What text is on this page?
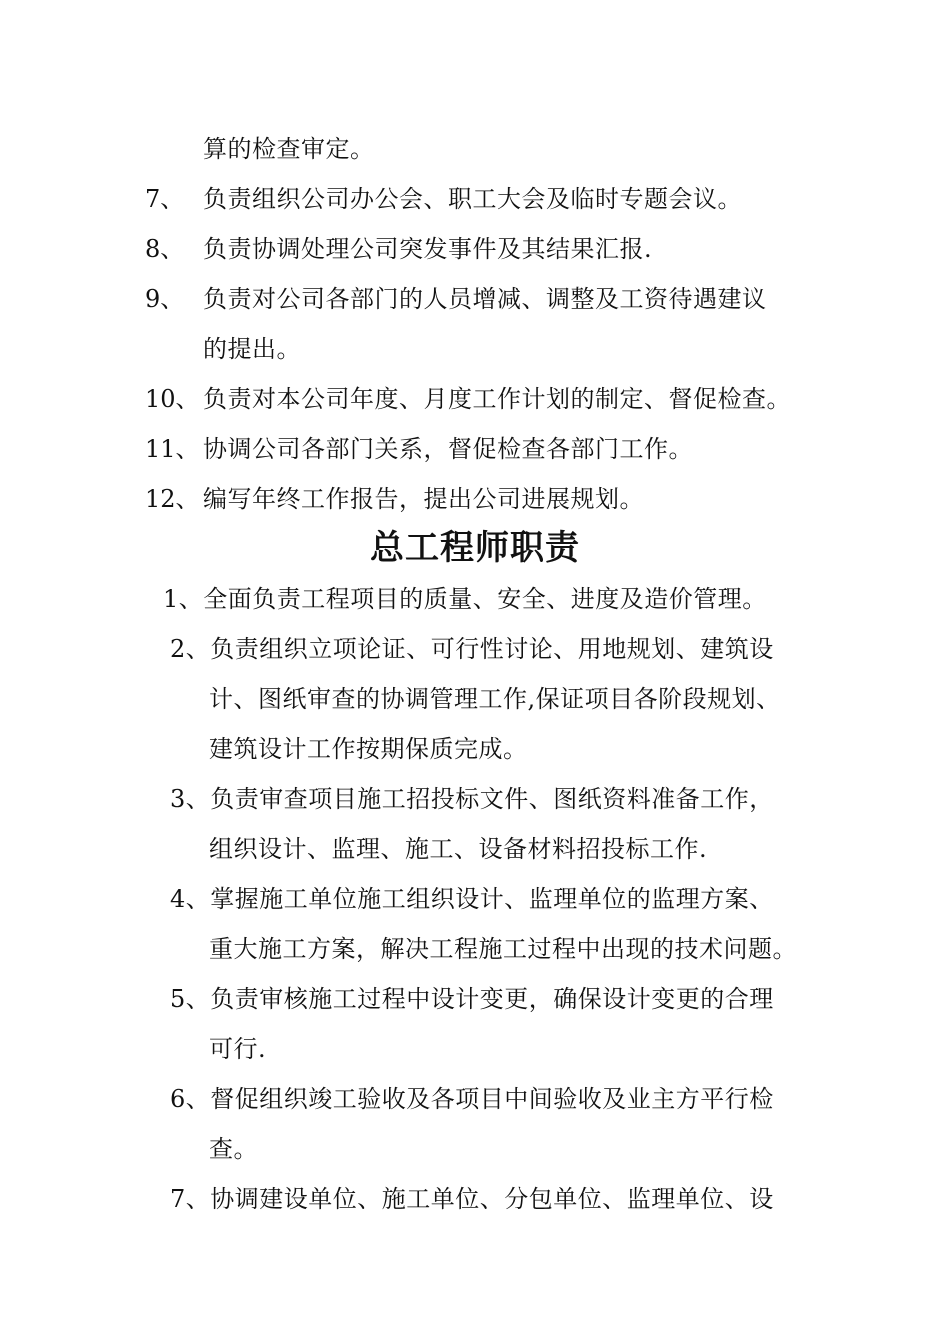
算的检查审定。
7、 负责组织公司办公会、职工大会及临时专题会议。
8、 负责协调处理公司突发事件及其结果汇报.
9、 负责对公司各部门的人员增减、调整及工资待遇建议
的提出。
10、 负责对本公司年度、月度工作计划的制定、督促检查。
11、 协调公司各部门关系，督促检查各部门工作。
12、 编写年终工作报告，提出公司进展规划。
总工程师职责
1、全面负责工程项目的质量、安全、进度及造价管理。
2、负责组织立项论证、可行性讨论、用地规划、建筑设
计、图纸审查的协调管理工作,保证项目各阶段规划、
建筑设计工作按期保质完成。
3、负责审查项目施工招投标文件、图纸资料准备工作，
组织设计、监理、施工、设备材料招投标工作.
4、掌握施工单位施工组织设计、监理单位的监理方案、
重大施工方案，解决工程施工过程中出现的技术问题。
5、负责审核施工过程中设计变更，确保设计变更的合理
可行.
6、督促组织竣工验收及各项目中间验收及业主方平行检
查。
7、协调建设单位、施工单位、分包单位、监理单位、设
